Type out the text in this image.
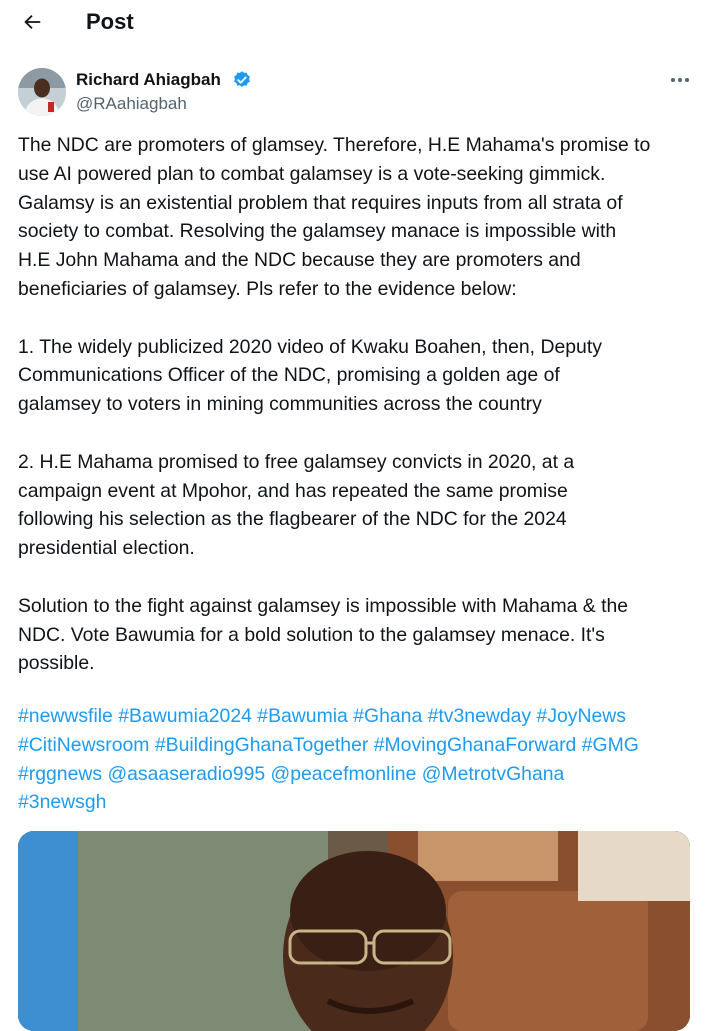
Post
Richard Ahiagbah
@RAahiagbah

The NDC are promoters of glamsey. Therefore, H.E Mahama's promise to

use AI powered plan to combat galamsey is a vote-seeking gimmick.

Galamsy is an existential problem that requires inputs from all strata of

society to combat. Resolving the galamsey manace is impossible with

H.E John Mahama and the NDC because they are promoters and

beneficiaries of galamsey. Pls refer to the evidence below:

1. The widely publicized 2020 video of Kwaku Boahen, then, Deputy

Communications Officer of the NDC, promising a golden age of

galamsey to voters in mining communities across the country

2. H.E Mahama promised to free galamsey convicts in 2020, at a

campaign event at Mpohor, and has repeated the same promise

following his selection as the flagbearer of the NDC for the 2024

presidential election.

Solution to the fight against galamsey is impossible with Mahama & the

NDC. Vote Bawumia for a bold solution to the galamsey menace. It's

possible.

#newwsfile #Bawumia2024 #Bawumia #Ghana #tv3newday #JoyNews
#CitiNewsroom #BuildingGhanaTogether #MovingGhanaForward #GMG
#rggnews @asaaseradio995 @peacefmonline @MetrotvGhana
#3newsgh
